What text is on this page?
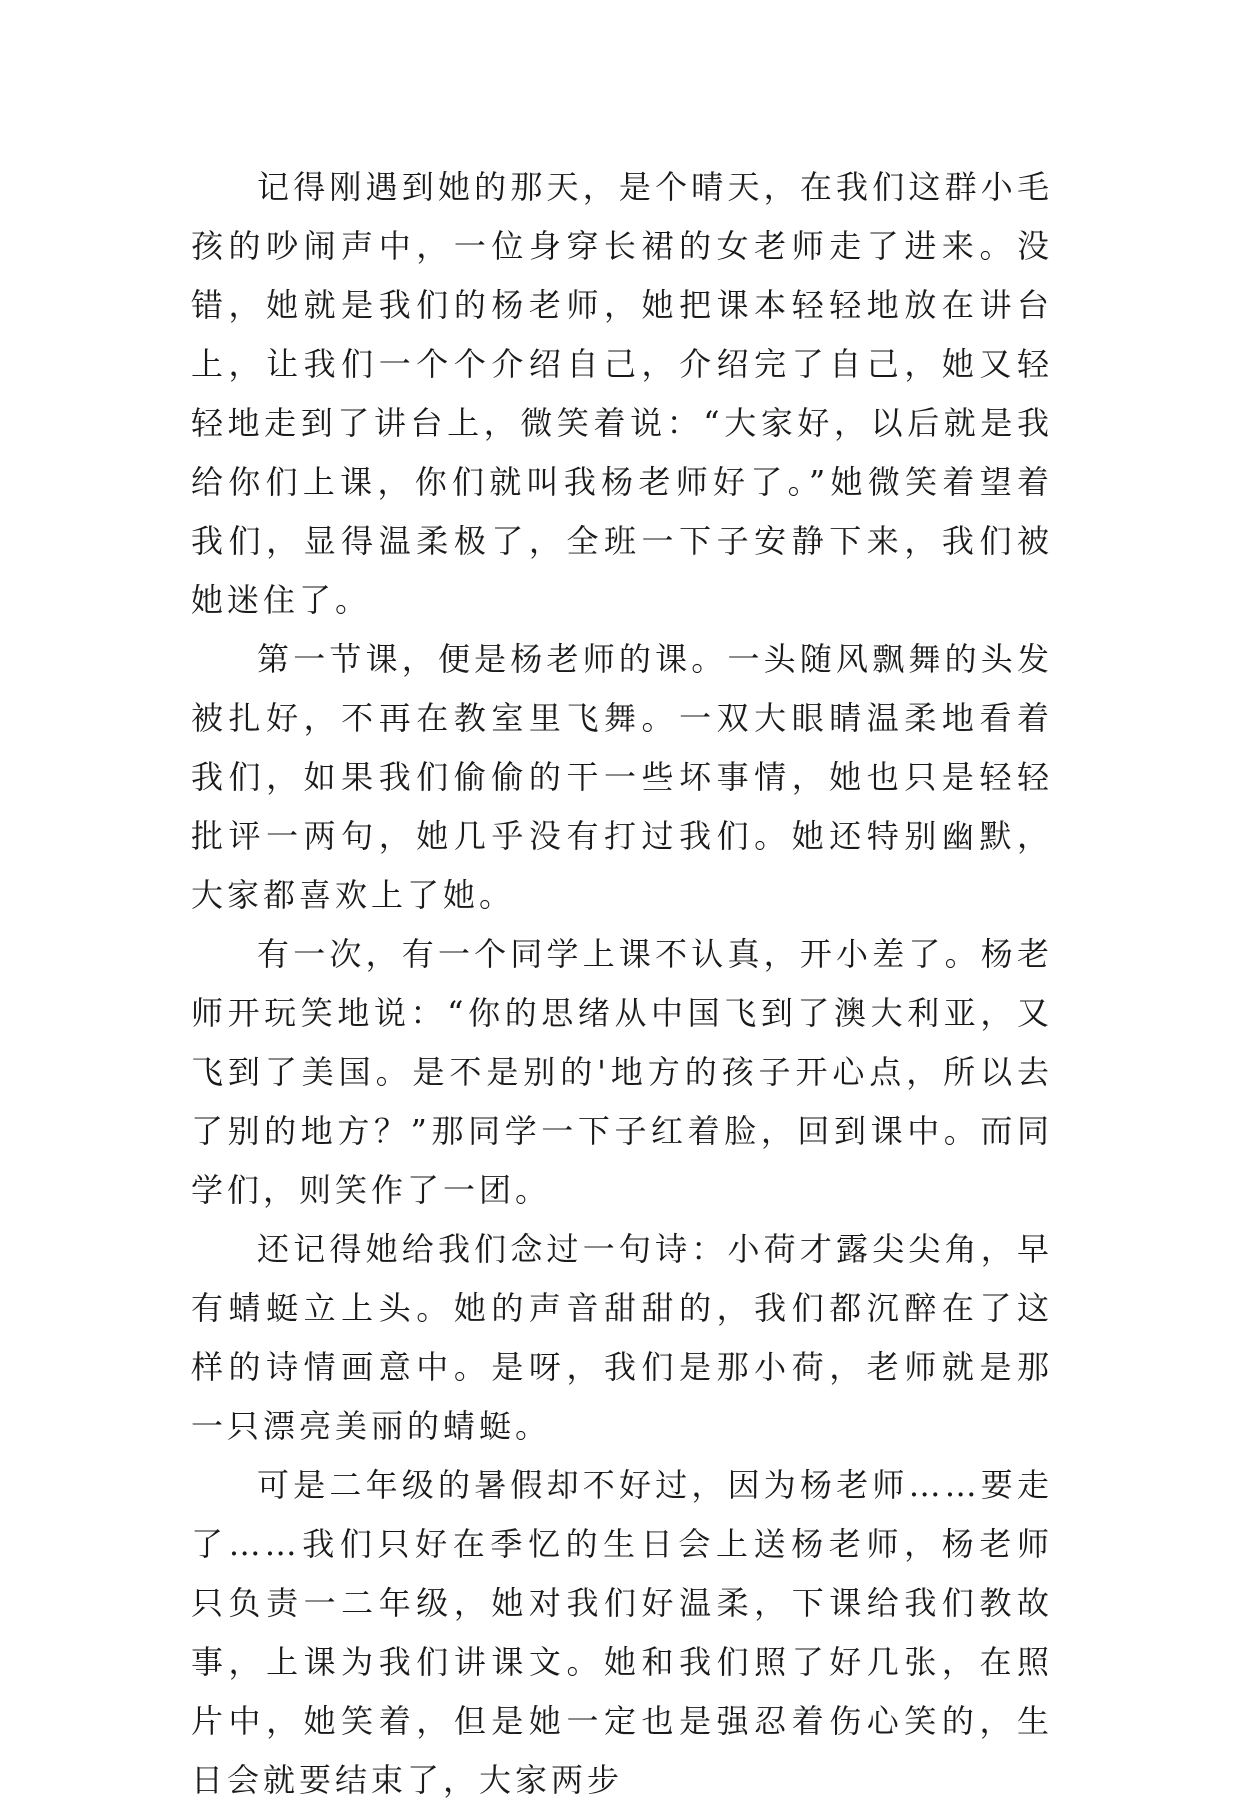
记得刚遇到她的那天，是个晴天，在我们这群小毛孩的吵闹声中，一位身穿长裙的女老师走了进来。没错，她就是我们的杨老师，她把课本轻轻地放在讲台上，让我们一个个介绍自己，介绍完了自己，她又轻轻地走到了讲台上，微笑着说：“大家好，以后就是我给你们上课，你们就叫我杨老师好了。”她微笑着望着我们，显得温柔极了，全班一下子安静下来，我们被她迷住了。

第一节课，便是杨老师的课。一头随风飘舞的头发被扎好，不再在教室里飞舞。一双大眼睛温柔地看着我们，如果我们偷偷的干一些坏事情，她也只是轻轻批评一两句，她几乎没有打过我们。她还特别幽默，大家都喜欢上了她。

有一次，有一个同学上课不认真，开小差了。杨老师开玩笑地说：“你的思绪从中国飞到了澳大利亚，又飞到了美国。是不是别的'地方的孩子开心点，所以去了别的地方？”那同学一下子红着脸，回到课中。而同学们，则笑作了一团。

还记得她给我们念过一句诗：小荷才露尖尖角，早有蜻蜓立上头。她的声音甜甜的，我们都沉醉在了这样的诗情画意中。是呀，我们是那小荷，老师就是那一只漂亮美丽的蜻蜓。

可是二年级的暑假却不好过，因为杨老师……要走了……我们只好在季忆的生日会上送杨老师，杨老师只负责一二年级，她对我们好温柔，下课给我们教故事，上课为我们讲课文。她和我们照了好几张，在照片中，她笑着，但是她一定也是强忍着伤心笑的，生日会就要结束了，大家两步
